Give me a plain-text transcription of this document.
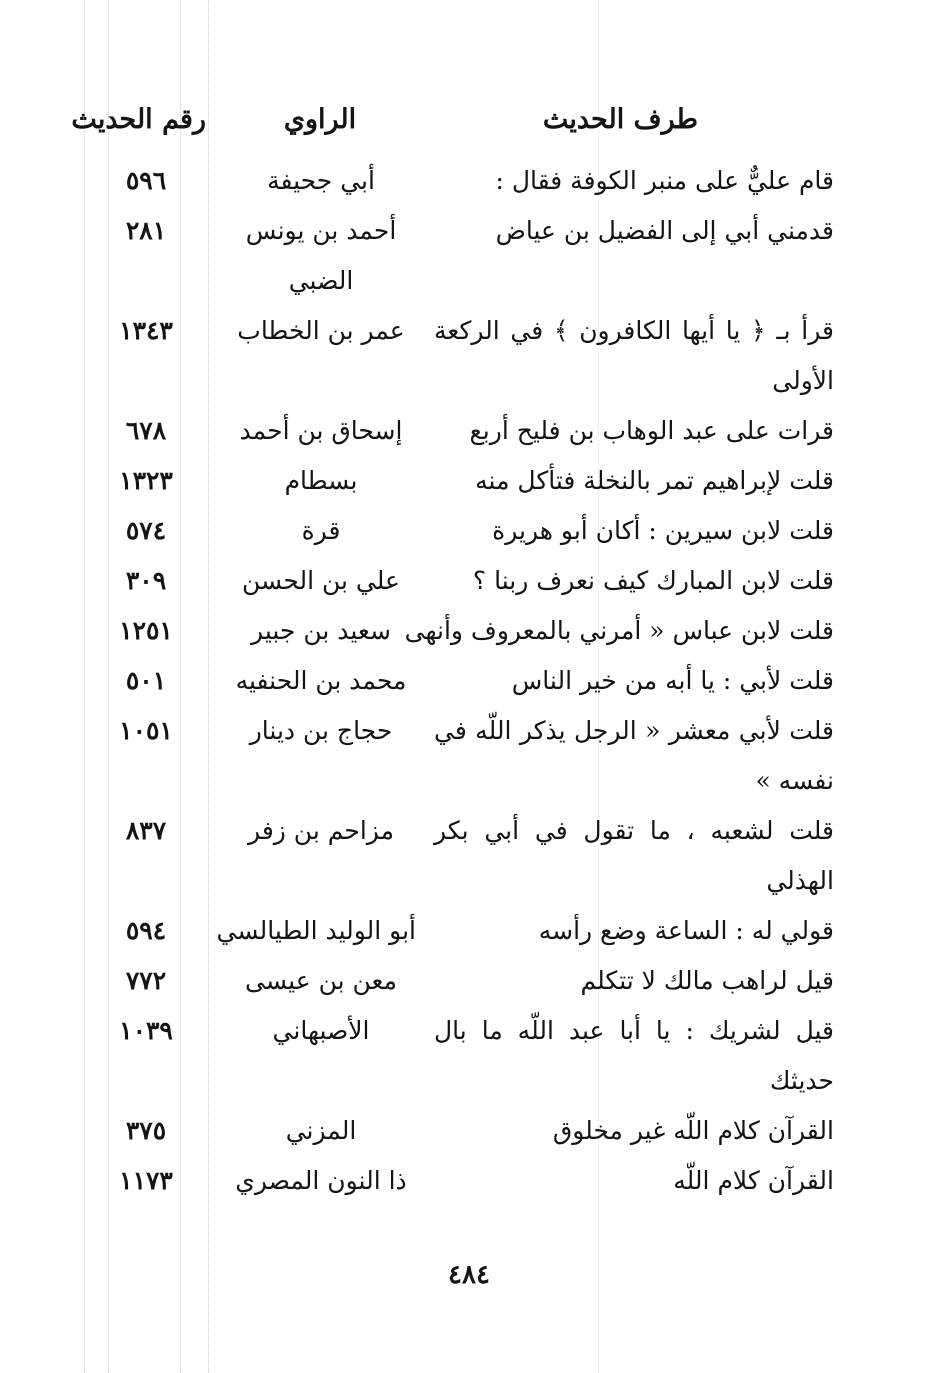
طرف الحديث
الراوي
رقم الحديث
قام عليٌّ على منبر الكوفة فقال :
أبي جحيفة
٥٩٦
قدمني أبي إلى الفضيل بن عياض
أحمد بن يونس
الضبي
٢٨١
قرأ بـ ﴿ يا أيها الكافرون ﴾ في الركعة
الأولى
عمر بن الخطاب
١٣٤٣
قرات على عبد الوهاب بن فليح أربع
إسحاق بن أحمد
٦٧٨
قلت لإبراهيم تمر بالنخلة فتأكل منه
بسطام
١٣٢٣
قلت لابن سيرين : أكان أبو هريرة
قرة
٥٧٤
قلت لابن المبارك كيف نعرف ربنا ؟
علي بن الحسن
٣٠٩
قلت لابن عباس « أمرني بالمعروف وأنهى
سعيد بن جبير
١٢٥١
قلت لأبي : يا أبه من خير الناس
محمد بن الحنفيه
٥٠١
قلت لأبي معشر « الرجل يذكر اللّه في
نفسه »
حجاج بن دينار
١٠٥١
قلت لشعبه ، ما تقول في أبي بكر
الهذلي
مزاحم بن زفر
٨٣٧
قولي له : الساعة وضع رأسه
أبو الوليد الطيالسي
٥٩٤
قيل لراهب مالك لا تتكلم
معن بن عيسى
٧٧٢
قيل لشريك : يا أبا عبد اللّه ما بال
حديثك
الأصبهاني
١٠٣٩
القرآن كلام اللّه غير مخلوق
المزني
٣٧٥
القرآن كلام اللّه
ذا النون المصري
١١٧٣
٤٨٤
